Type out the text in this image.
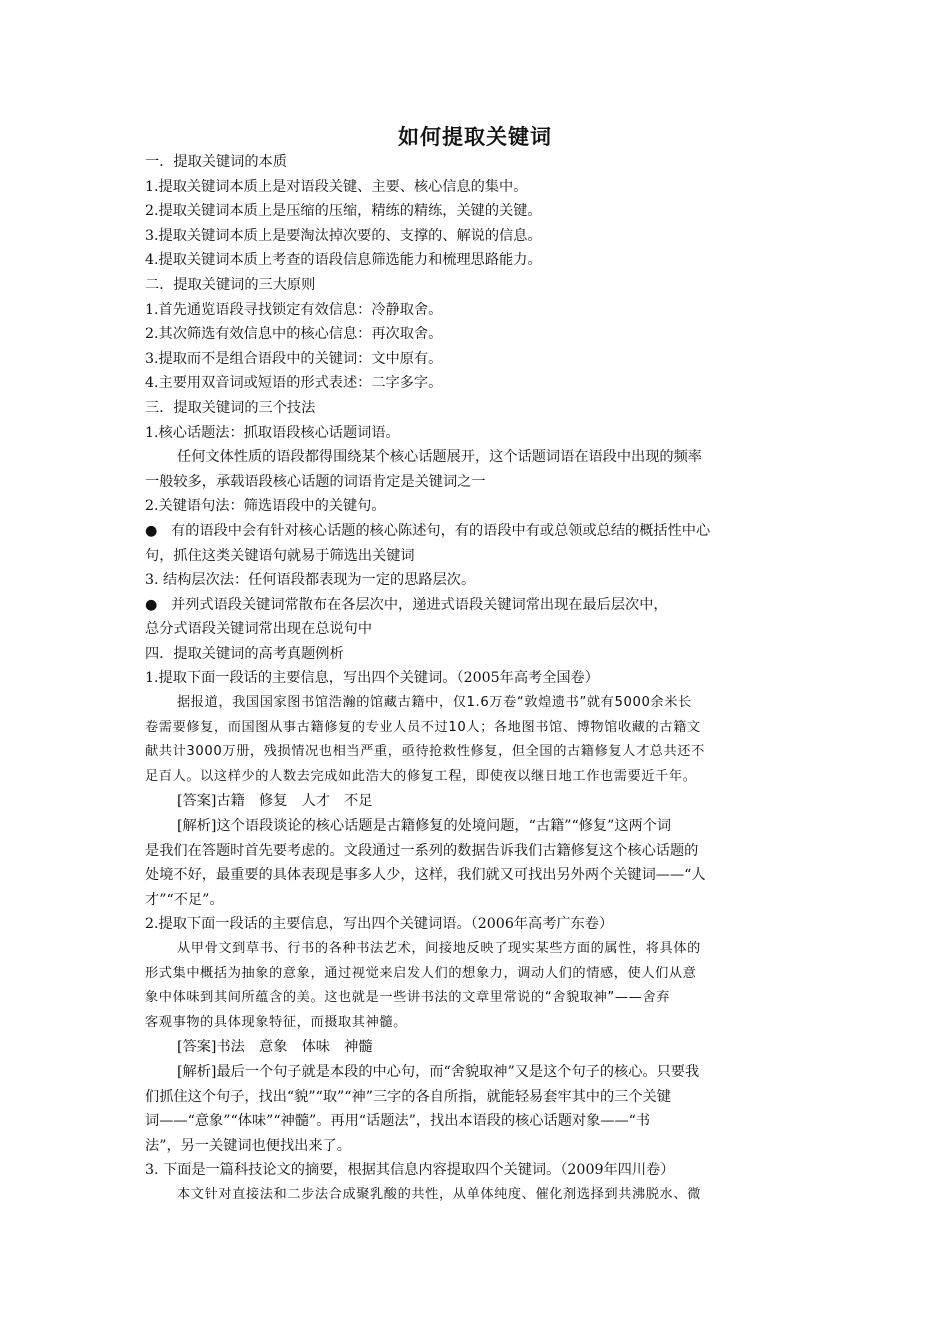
如何提取关键词
一．提取关键词的本质
1.提取关键词本质上是对语段关键、主要、核心信息的集中。
2.提取关键词本质上是压缩的压缩，精练的精练，关键的关键。
3.提取关键词本质上是要淘汰掉次要的、支撑的、解说的信息。
4.提取关键词本质上考查的语段信息筛选能力和梳理思路能力。
二．提取关键词的三大原则
1.首先通览语段寻找锁定有效信息：冷静取舍。
2.其次筛选有效信息中的核心信息：再次取舍。
3.提取而不是组合语段中的关键词：文中原有。
4.主要用双音词或短语的形式表述：二字多字。
三．提取关键词的三个技法
1.核心话题法：抓取语段核心话题词语。
任何文体性质的语段都得围绕某个核心话题展开，这个话题词语在语段中出现的频率
一般较多，承载语段核心话题的词语肯定是关键词之一
2.关键语句法：筛选语段中的关键句。
● 有的语段中会有针对核心话题的核心陈述句，有的语段中有或总领或总结的概括性中心
句，抓住这类关键语句就易于筛选出关键词
3. 结构层次法：任何语段都表现为一定的思路层次。
● 并列式语段关键词常散布在各层次中，递进式语段关键词常出现在最后层次中，
总分式语段关键词常出现在总说句中
四．提取关键词的高考真题例析
1.提取下面一段话的主要信息，写出四个关键词。（2005年高考全国卷）
据报道，我国国家图书馆浩瀚的馆藏古籍中，仅1.6万卷“敦煌遗书”就有5000余米长
卷需要修复，而国图从事古籍修复的专业人员不过10人；各地图书馆、博物馆收藏的古籍文
献共计3000万册，残损情况也相当严重，亟待抢救性修复，但全国的古籍修复人才总共还不
足百人。以这样少的人数去完成如此浩大的修复工程，即使夜以继日地工作也需要近千年。
[答案]古籍　修复　人才　不足
[解析]这个语段谈论的核心话题是古籍修复的处境问题，“古籍”“修复”这两个词
是我们在答题时首先要考虑的。文段通过一系列的数据告诉我们古籍修复这个核心话题的
处境不好，最重要的具体表现是事多人少，这样，我们就又可找出另外两个关键词——“人
才”“不足”。
2.提取下面一段话的主要信息，写出四个关键词语。（2006年高考广东卷）
从甲骨文到草书、行书的各种书法艺术，间接地反映了现实某些方面的属性，将具体的
形式集中概括为抽象的意象，通过视觉来启发人们的想象力，调动人们的情感，使人们从意
象中体味到其间所蕴含的美。这也就是一些讲书法的文章里常说的“舍貌取神”——舍弃
客观事物的具体现象特征，而摄取其神髓。
[答案]书法　意象　体味　神髓
[解析]最后一个句子就是本段的中心句，而“舍貌取神”又是这个句子的核心。只要我
们抓住这个句子，找出“貌”“取”“神”三字的各自所指，就能轻易套牢其中的三个关键
词——“意象”“体味”“神髓”。再用“话题法”，找出本语段的核心话题对象——“书
法”，另一关键词也便找出来了。
3. 下面是一篇科技论文的摘要，根据其信息内容提取四个关键词。（2009年四川卷）
本文针对直接法和二步法合成聚乳酸的共性，从单体纯度、催化剂选择到共沸脱水、微
